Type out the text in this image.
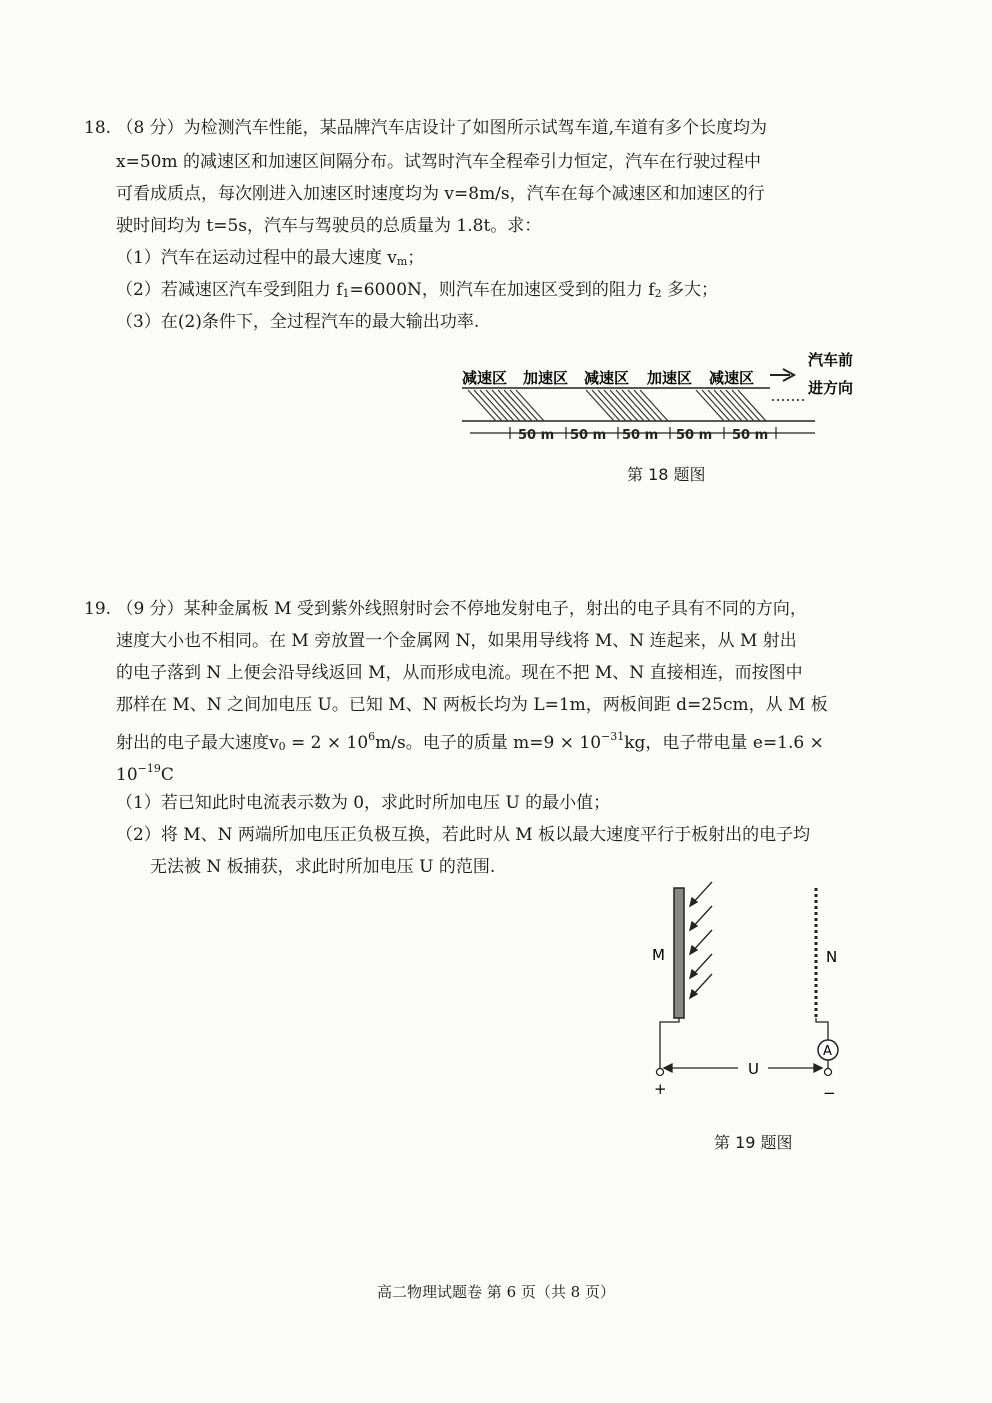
18. （8 分）为检测汽车性能，某品牌汽车店设计了如图所示试驾车道,车道有多个长度均为
x=50m 的减速区和加速区间隔分布。试驾时汽车全程牵引力恒定，汽车在行驶过程中
可看成质点，每次刚进入加速区时速度均为 v=8m/s，汽车在每个减速区和加速区的行
驶时间均为 t=5s，汽车与驾驶员的总质量为 1.8t。求：
（1）汽车在运动过程中的最大速度 vm；
（2）若减速区汽车受到阻力 f1=6000N，则汽车在加速区受到的阻力 f2 多大；
（3）在(2)条件下，全过程汽车的最大输出功率.
减速区 加速区 减速区 加速区 减速区
汽车前
进方向
50 m 50 m 50 m 50 m 50 m
第 18 题图
19. （9 分）某种金属板 M 受到紫外线照射时会不停地发射电子，射出的电子具有不同的方向，
速度大小也不相同。在 M 旁放置一个金属网 N，如果用导线将 M、N 连起来，从 M 射出
的电子落到 N 上便会沿导线返回 M，从而形成电流。现在不把 M、N 直接相连，而按图中
那样在 M、N 之间加电压 U。已知 M、N 两板长均为 L=1m，两板间距 d=25cm，从 M 板
射出的电子最大速度$v0 = 2 \times 10^6m/s$。电子的质量 $m=9 \times 10^{-31}kg$，电子带电量 e=1.6 ×
$10^{-19}C$
（1）若已知此时电流表示数为 0，求此时所加电压 U 的最小值；
（2）将 M、N 两端所加电压正负极互换，若此时从 M 板以最大速度平行于板射出的电子均
无法被 N 板捕获，求此时所加电压 U 的范围.
M	N
A
+	−
U
第 19 题图
高二物理试题卷 第 6 页（共 8 页）
